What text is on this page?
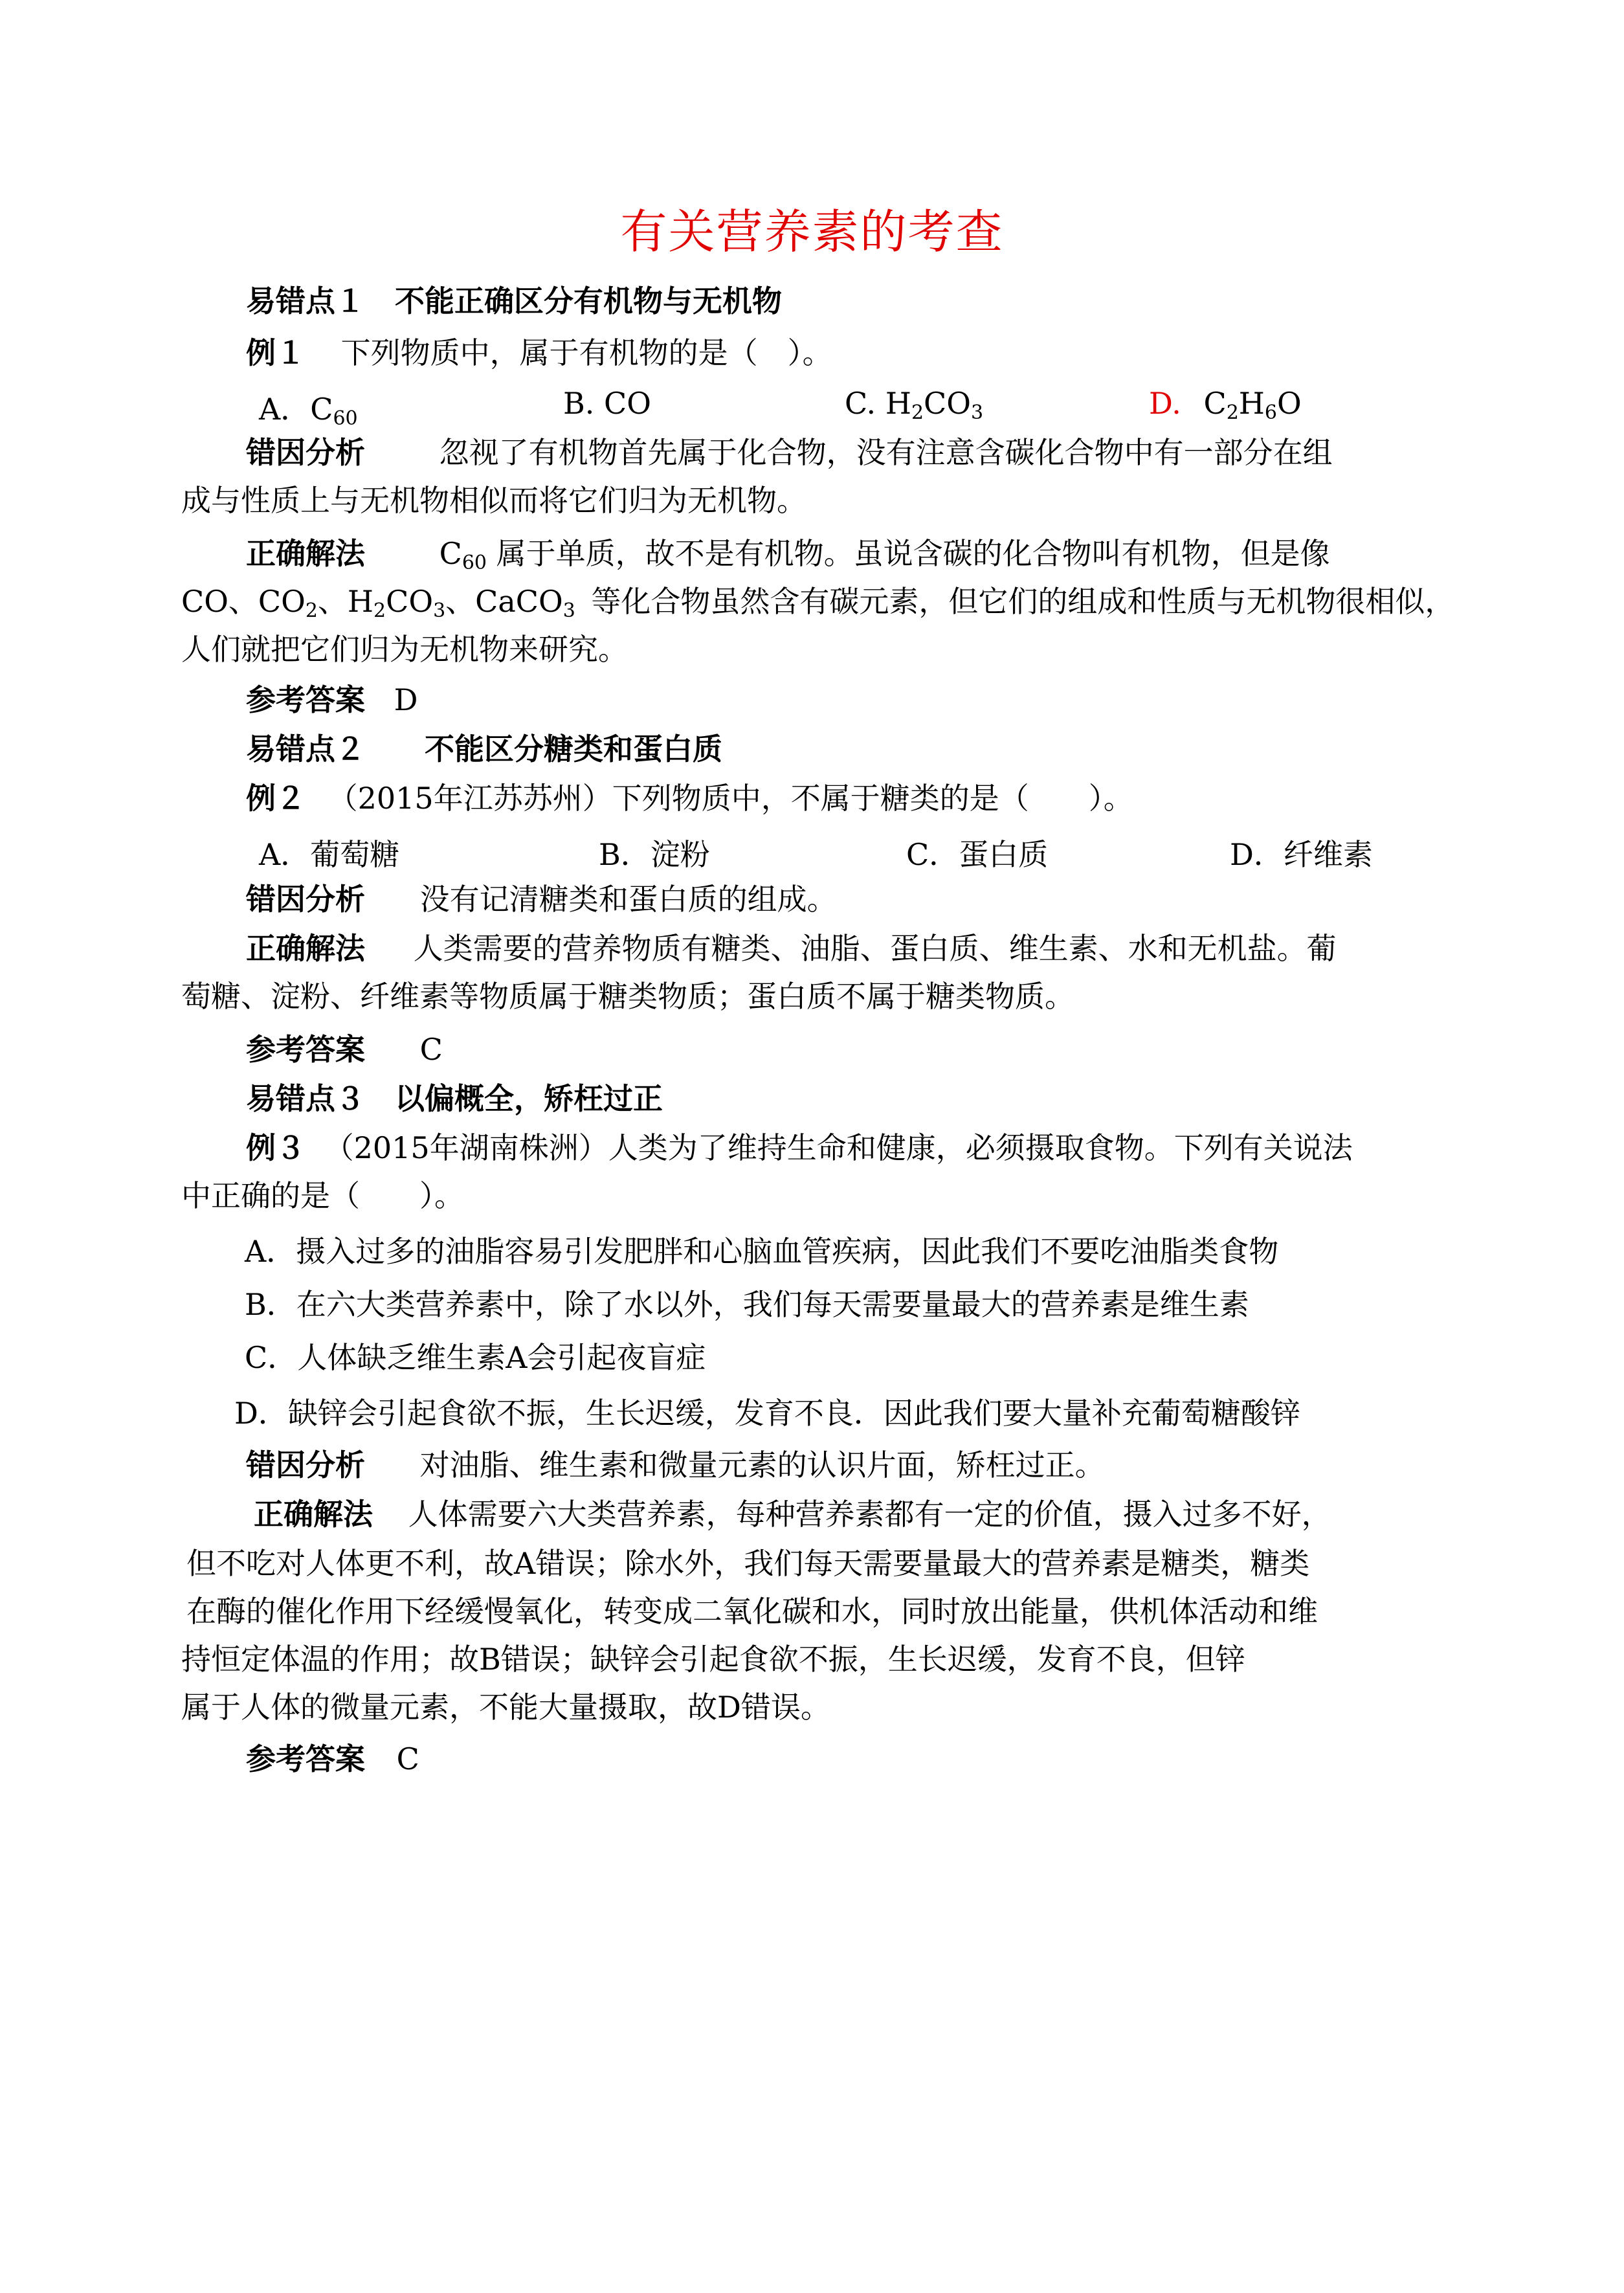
有关营养素的考查
易错点１　不能正确区分有机物与无机物
例１ 下列物质中，属于有机物的是（　）。
A．$C_{60}$	B. CO	C. $H_2CO_3$	D. $C_2H_6O$
错因分析 忽视了有机物首先属于化合物，没有注意含碳化合物中有一部分在组
成与性质上与无机物相似而将它们归为无机物。
正确解法 $C_{60}$ 属于单质，故不是有机物。虽说含碳的化合物叫有机物，但是像
CO、$CO_2$、$H_2CO_3$、CaCO$_3$ 等化合物虽然含有碳元素，但它们的组成和性质与无机物很相似，
人们就把它们归为无机物来研究。
参考答案 D
易错点２　　不能区分糖类和蛋白质
例２ （2015年江苏苏州）下列物质中，不属于糖类的是（　　）。
A．葡萄糖	B．淀粉	C．蛋白质	D．纤维素
错因分析 没有记清糖类和蛋白质的组成。
正确解法 人类需要的营养物质有糖类、油脂、蛋白质、维生素、水和无机盐。葡
萄糖、淀粉、纤维素等物质属于糖类物质；蛋白质不属于糖类物质。
参考答案 C
易错点３　以偏概全，矫枉过正
例３ （2015年湖南株洲）人类为了维持生命和健康，必须摄取食物。下列有关说法
中正确的是（　　）。
A．摄入过多的油脂容易引发肥胖和心脑血管疾病，因此我们不要吃油脂类食物
B．在六大类营养素中，除了水以外，我们每天需要量最大的营养素是维生素
C．人体缺乏维生素A会引起夜盲症
D．缺锌会引起食欲不振，生长迟缓，发育不良．因此我们要大量补充葡萄糖酸锌
错因分析 对油脂、维生素和微量元素的认识片面，矫枉过正。
正确解法 人体需要六大类营养素，每种营养素都有一定的价值，摄入过多不好，
但不吃对人体更不利，故A错误；除水外，我们每天需要量最大的营养素是糖类，糖类
在酶的催化作用下经缓慢氧化，转变成二氧化碳和水，同时放出能量，供机体活动和维
持恒定体温的作用；故B错误；缺锌会引起食欲不振，生长迟缓，发育不良，但锌
属于人体的微量元素，不能大量摄取，故D错误。
参考答案 C
